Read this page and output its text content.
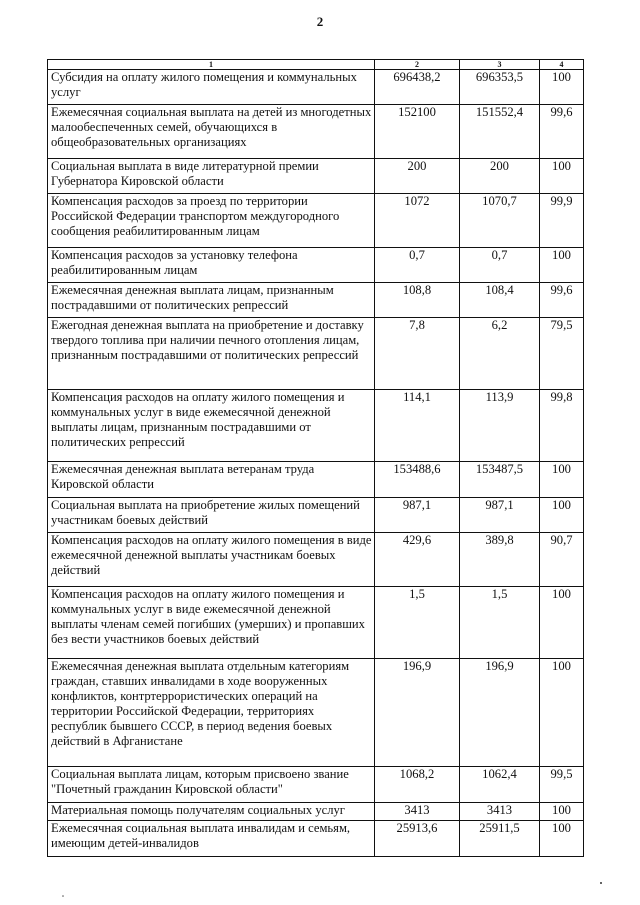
2
1	2	3	4
Субсидия на оплату жилого помещения и коммунальных услуг	696438,2	696353,5	100
Ежемесячная социальная выплата на детей из многодетных малообеспеченных семей, обучающихся в общеобразовательных организациях	152100	151552,4	99,6
Социальная выплата в виде литературной премии Губернатора Кировской области	200	200	100
Компенсация расходов за проезд по территории Российской Федерации транспортом междугородного сообщения реабилитированным лицам	1072	1070,7	99,9
Компенсация расходов за установку телефона реабилитированным лицам	0,7	0,7	100
Ежемесячная денежная выплата лицам, признанным пострадавшими от политических репрессий	108,8	108,4	99,6
Ежегодная денежная выплата на приобретение и доставку твердого топлива при наличии печного отопления лицам, признанным пострадавшими от политических репрессий	7,8	6,2	79,5
Компенсация расходов на оплату жилого помещения и коммунальных услуг в виде ежемесячной денежной выплаты лицам, признанным пострадавшими от политических репрессий	114,1	113,9	99,8
Ежемесячная денежная выплата ветеранам труда Кировской области	153488,6	153487,5	100
Социальная выплата на приобретение жилых помещений участникам боевых действий	987,1	987,1	100
Компенсация расходов на оплату жилого помещения в виде ежемесячной денежной выплаты участникам боевых действий	429,6	389,8	90,7
Компенсация расходов на оплату жилого помещения и коммунальных услуг в виде ежемесячной денежной выплаты членам семей погибших (умерших) и пропавших без вести участников боевых действий	1,5	1,5	100
Ежемесячная денежная выплата отдельным категориям граждан, ставших инвалидами в ходе вооруженных конфликтов, контртеррористических операций на территории Российской Федерации, территориях республик бывшего СССР, в период ведения боевых действий в Афганистане	196,9	196,9	100
Социальная выплата лицам, которым присвоено звание "Почетный гражданин Кировской области"	1068,2	1062,4	99,5
Материальная помощь получателям социальных услуг	3413	3413	100
Ежемесячная социальная выплата инвалидам и семьям, имеющим детей-инвалидов	25913,6	25911,5	100
